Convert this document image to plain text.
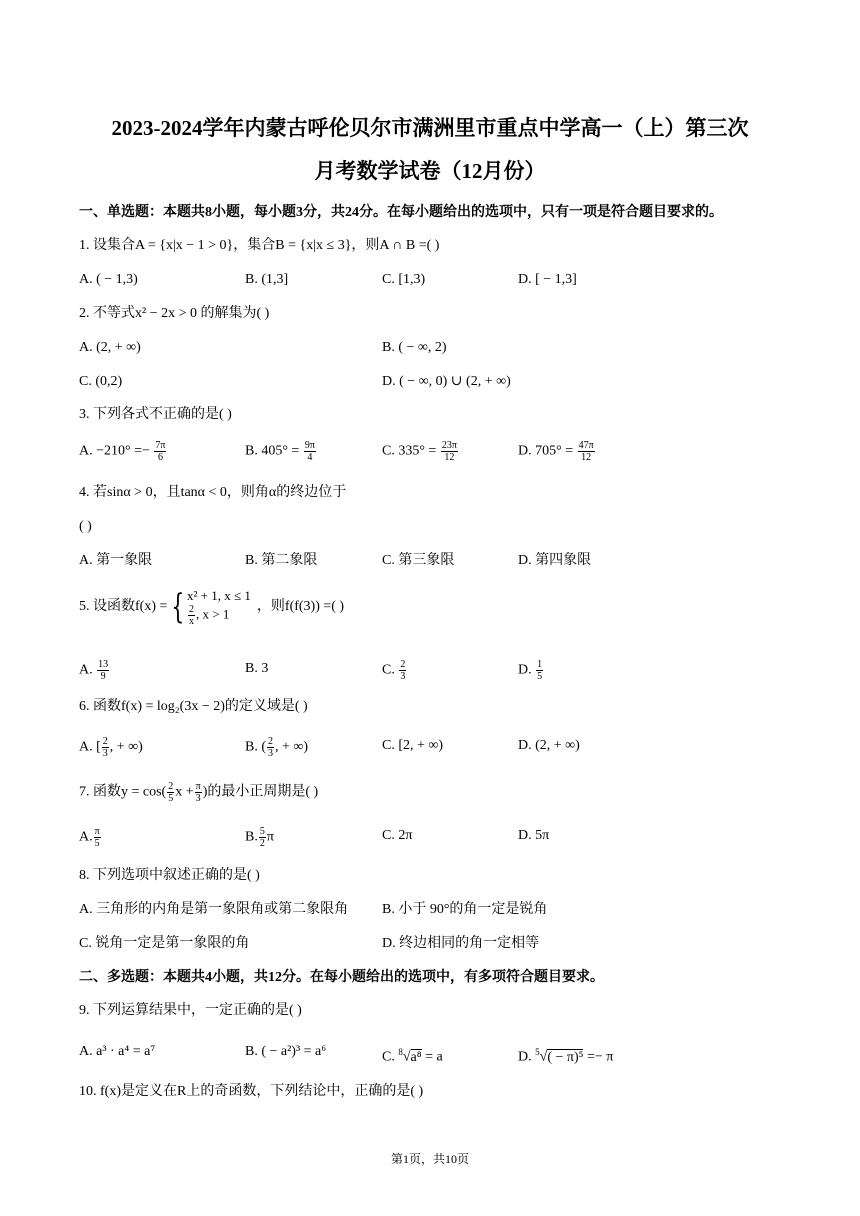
2023-2024学年内蒙古呼伦贝尔市满洲里市重点中学高一（上）第三次
月考数学试卷（12月份）
一、单选题：本题共8小题，每小题3分，共24分。在每小题给出的选项中，只有一项是符合题目要求的。
1. 设集合A = {x|x − 1 > 0}，集合B = {x|x ≤ 3}，则A ∩ B =( )
A. ( − 1,3)	B. (1,3]	C. [1,3)	D. [ − 1,3]
2. 不等式x² − 2x > 0 的解集为( )
A. (2, + ∞)	B. ( − ∞, 2)
C. (0,2)	D. ( − ∞, 0) ∪ (2, + ∞)
3. 下列各式不正确的是( )
A. $-210^\circ =- \frac{7\pi}{6}$	B. $405^\circ = \frac{9\pi}{4}$	C. $335^\circ = \frac{23\pi}{12}$	D. $705^\circ = \frac{47\pi}{12}$
4. 若sinα > 0，且tanα < 0，则角α的终边位于
( )
A. 第一象限	B. 第二象限	C. 第三象限	D. 第四象限
5. 设函数f(x) = { x² + 1, x ≤ 1
$\frac{2}{x}$ , x > 1	，则f(f(3)) =( )
A. $\frac{13}{9}$	B. 3	C. $\frac{2}{3}$	D. $\frac{1}{5}$
6. 函数f(x) = log₂(3x − 2)的定义域是( )
A. [ $\frac{2}{3}$ , + ∞)	B. ( $\frac{2}{3}$ , + ∞)	C. [2, + ∞)	D. (2, + ∞)
7. 函数$y = \cos( \frac{2}{5}$ $x + \frac{\pi}{3}$ )的最小正周期是( )
A. $\frac{\pi}{5}$	B. $\frac{5}{2}$ π	C. 2π	D. 5π
8. 下列选项中叙述正确的是( )
A. 三角形的内角是第一象限角或第二象限角 B. 小于 90°的角一定是锐角
C. 锐角一定是第一象限的角	D. 终边相同的角一定相等
二、多选题：本题共4小题，共12分。在每小题给出的选项中，有多项符合题目要求。
9. 下列运算结果中，一定正确的是( )
A. a³ · a⁴ = a⁷	B. ( − a²)³ = a⁶	C. $^8$√a⁸ = a	D. $^5$√( − π)⁵ =− π
10. f(x)是定义在R上的奇函数，下列结论中，正确的是( )
第1页，共10页
